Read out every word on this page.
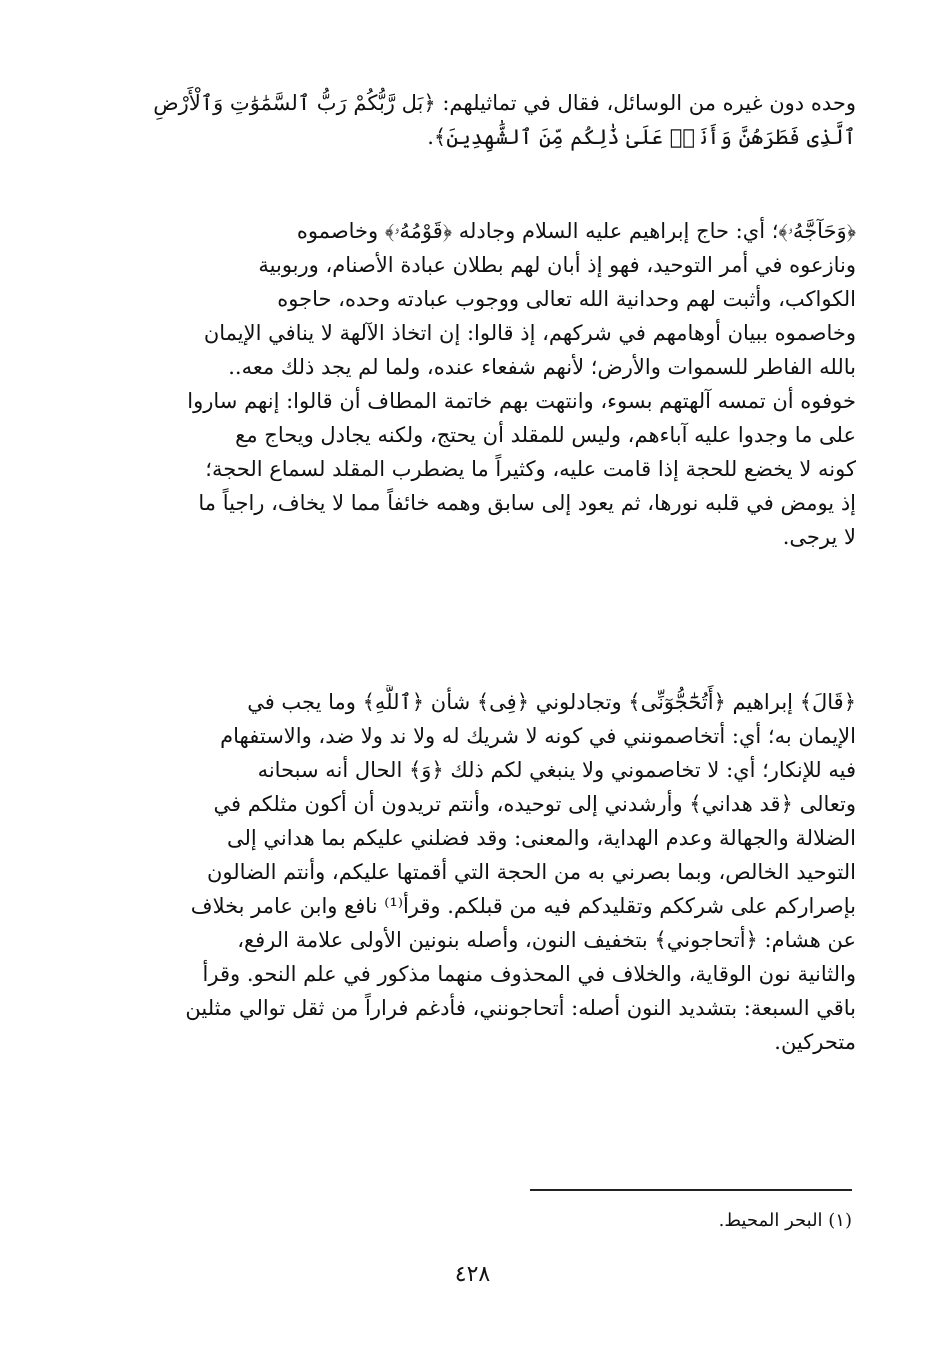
وحده دون غيره من الوسائل، فقال في تماثيلهم: ﴿بَل رَّبُّكُمْ رَبُّ ٱلسَّمَٰوَٰتِ وَٱلْأَرْضِ
ٱلَّذِى فَطَرَهُنَّ وَأَنَا۠ عَلَىٰ ذَٰلِكُم مِّنَ ٱلشَّٰهِدِينَ﴾.
﴿وَحَآجَّهُۥ﴾؛ أي: حاج إبراهيم عليه السلام وجادله ﴿قَوْمُهُۥ﴾ وخاصموه
ونازعوه في أمر التوحيد، فهو إذ أبان لهم بطلان عبادة الأصنام، وربوبية
الكواكب، وأثبت لهم وحدانية الله تعالى ووجوب عبادته وحده، حاجوه
وخاصموه ببيان أوهامهم في شركهم، إذ قالوا: إن اتخاذ الآلهة لا ينافي الإيمان
بالله الفاطر للسموات والأرض؛ لأنهم شفعاء عنده، ولما لم يجد ذلك معه..
خوفوه أن تمسه آلهتهم بسوء، وانتهت بهم خاتمة المطاف أن قالوا: إنهم ساروا
على ما وجدوا عليه آباءهم، وليس للمقلد أن يحتج، ولكنه يجادل ويحاج مع
كونه لا يخضع للحجة إذا قامت عليه، وكثيراً ما يضطرب المقلد لسماع الحجة؛
إذ يومض في قلبه نورها، ثم يعود إلى سابق وهمه خائفاً مما لا يخاف، راجياً ما
لا يرجى.
﴿قَالَ﴾ إبراهيم ﴿أَتُحَٰٓجُّوٓنِّى﴾ وتجادلوني ﴿فِى﴾ شأن ﴿ٱللَّهِ﴾ وما يجب في
الإيمان به؛ أي: أتخاصمونني في كونه لا شريك له ولا ند ولا ضد، والاستفهام
فيه للإنكار؛ أي: لا تخاصموني ولا ينبغي لكم ذلك ﴿وَ﴾ الحال أنه سبحانه
وتعالى ﴿قد هداني﴾ وأرشدني إلى توحيده، وأنتم تريدون أن أكون مثلكم في
الضلالة والجهالة وعدم الهداية، والمعنى: وقد فضلني عليكم بما هداني إلى
التوحيد الخالص، وبما بصرني به من الحجة التي أقمتها عليكم، وأنتم الضالون
بإصراركم على شرككم وتقليدكم فيه من قبلكم. وقرأ⁽¹⁾ نافع وابن عامر بخلاف
عن هشام: ﴿أتحاجوني﴾ بتخفيف النون، وأصله بنونين الأولى علامة الرفع،
والثانية نون الوقاية، والخلاف في المحذوف منهما مذكور في علم النحو. وقرأ
باقي السبعة: بتشديد النون أصله: أتحاجونني، فأدغم فراراً من ثقل توالي مثلين
متحركين.
(١) البحر المحيط.
٤٢٨
